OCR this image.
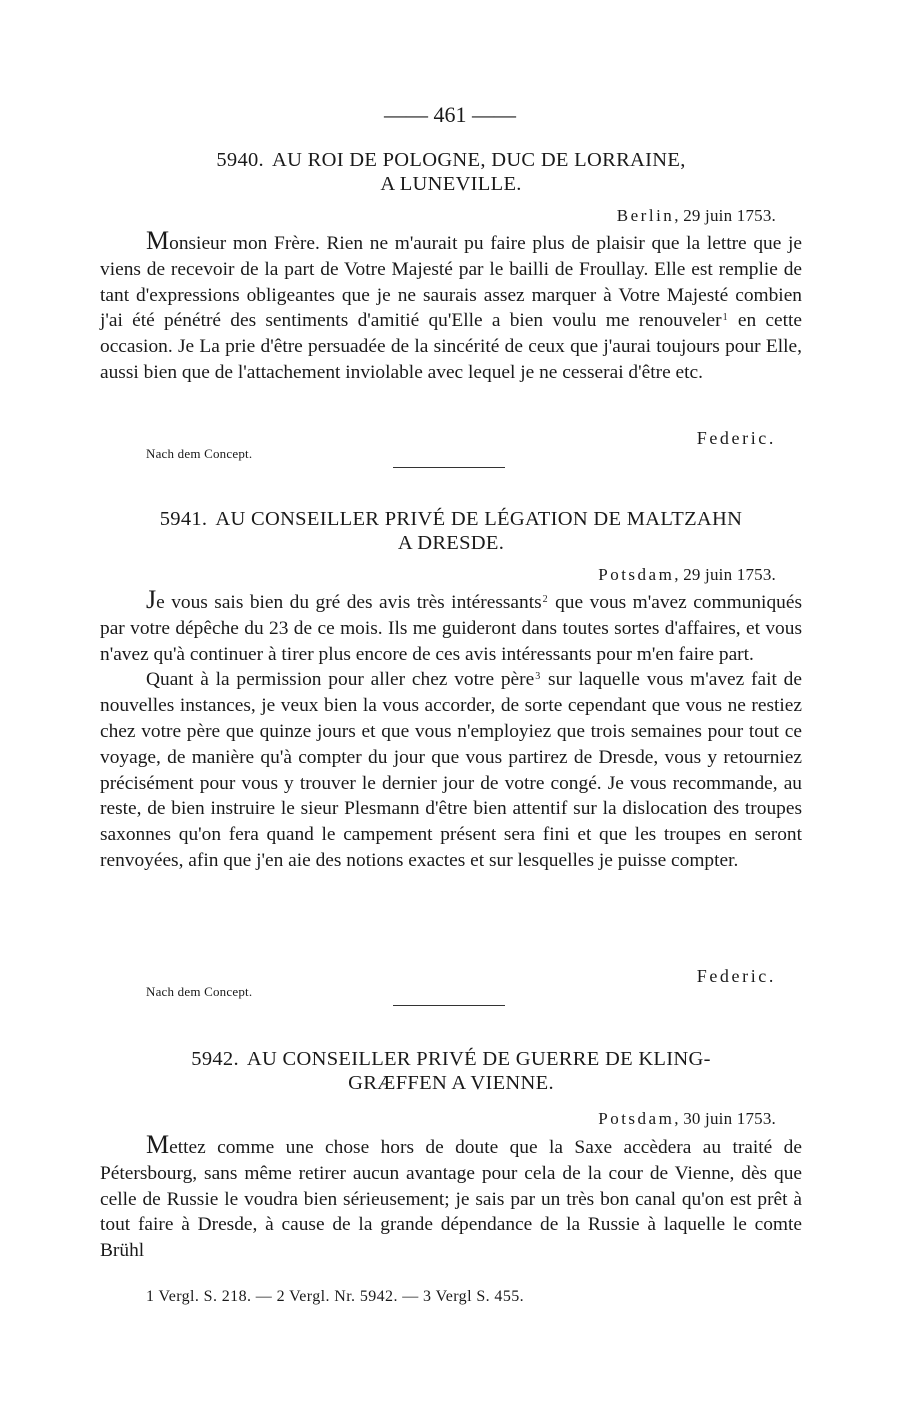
—— 461 ——
5940. AU ROI DE POLOGNE, DUC DE LORRAINE,
A LUNEVILLE.
Berlin, 29 juin 1753.

Monsieur mon Frère. Rien ne m'aurait pu faire plus de plaisir que la lettre que je viens de recevoir de la part de Votre Majesté par le bailli de Froullay. Elle est remplie de tant d'expressions obligeantes que je ne saurais assez marquer à Votre Majesté combien j'ai été pénétré des sentiments d'amitié qu'Elle a bien voulu me renouveler$^1$ en cette occasion. Je La prie d'être persuadée de la sincérité de ceux que j'aurai toujours pour Elle, aussi bien que de l'attachement inviolable avec lequel je ne cesserai d'être etc.

Federic.
Nach dem Concept.
5941. AU CONSEILLER PRIVÉ DE LÉGATION DE MALTZAHN
A DRESDE.
Potsdam, 29 juin 1753.

Je vous sais bien du gré des avis très intéressants$^2$ que vous m'avez communiqués par votre dépêche du 23 de ce mois. Ils me guideront dans toutes sortes d'affaires, et vous n'avez qu'à continuer à tirer plus encore de ces avis intéressants pour m'en faire part.

Quant à la permission pour aller chez votre père$^3$ sur laquelle vous m'avez fait de nouvelles instances, je veux bien la vous accorder, de sorte cependant que vous ne restiez chez votre père que quinze jours et que vous n'employiez que trois semaines pour tout ce voyage, de manière qu'à compter du jour que vous partirez de Dresde, vous y retourniez précisément pour vous y trouver le dernier jour de votre congé. Je vous recommande, au reste, de bien instruire le sieur Plesmann d'être bien attentif sur la dislocation des troupes saxonnes qu'on fera quand le campement présent sera fini et que les troupes en seront renvoyées, afin que j'en aie des notions exactes et sur lesquelles je puisse compter.

Federic.
Nach dem Concept.
5942. AU CONSEILLER PRIVÉ DE GUERRE DE KLING-
GRÆFFEN A VIENNE.
Potsdam, 30 juin 1753.

Mettez comme une chose hors de doute que la Saxe accèdera au traité de Pétersbourg, sans même retirer aucun avantage pour cela de la cour de Vienne, dès que celle de Russie le voudra bien sérieusement; je sais par un très bon canal qu'on est prêt à tout faire à Dresde, à cause de la grande dépendance de la Russie à laquelle le comte Brühl

1 Vergl. S. 218. — 2 Vergl. Nr. 5942. — 3 Vergl S. 455.
